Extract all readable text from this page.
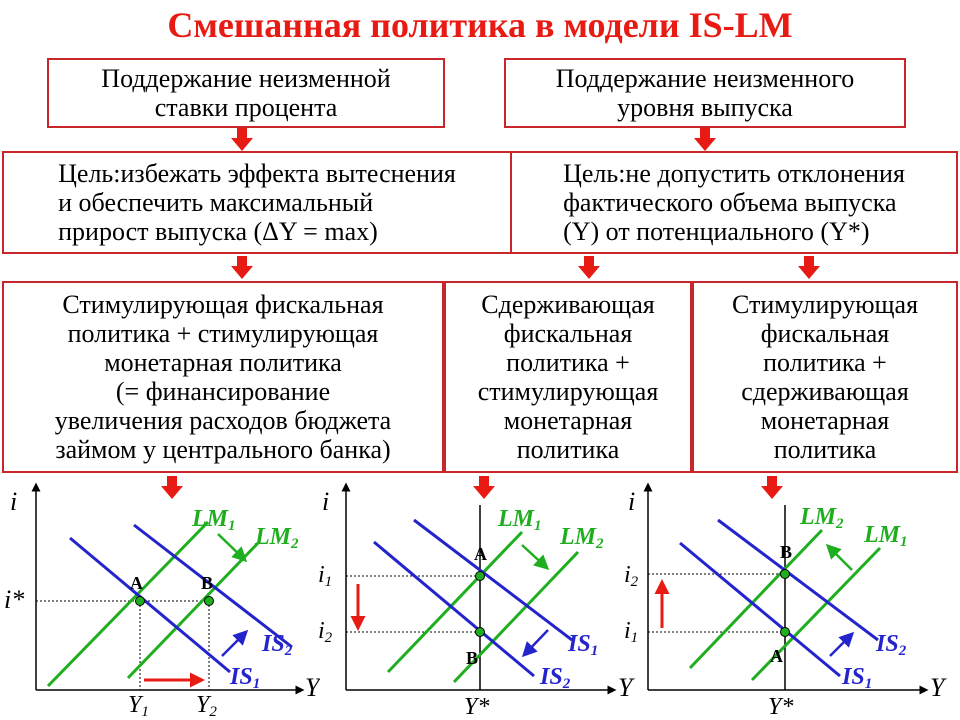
Смешанная политика в модели IS-LM
Поддержание неизменной
ставки процента
Поддержание неизменного
уровня выпуска
Цель:избежать эффекта вытеснения
и обеспечить максимальный
прирост выпуска (ΔY = max)
Цель:не допустить отклонения
фактического объема выпуска
(Y) от потенциального (Y*)
Стимулирующая фискальная
политика + стимулирующая
монетарная политика
(= финансирование
увеличения расходов бюджета
займом у центрального банка)
Сдерживающая
фискальная
политика +
стимулирующая
монетарная
политика
Стимулирующая
фискальная
политика +
сдерживающая
монетарная
политика
i
Y
A	B
i*
LM1 LM2
IS2
IS1
Y1 Y2
i
Y
A
B
i1
i2
LM1 LM2
IS1
IS2
Y*
i
Y
B
A
i2
i1
LM2 LM1
IS2
IS1
Y*
